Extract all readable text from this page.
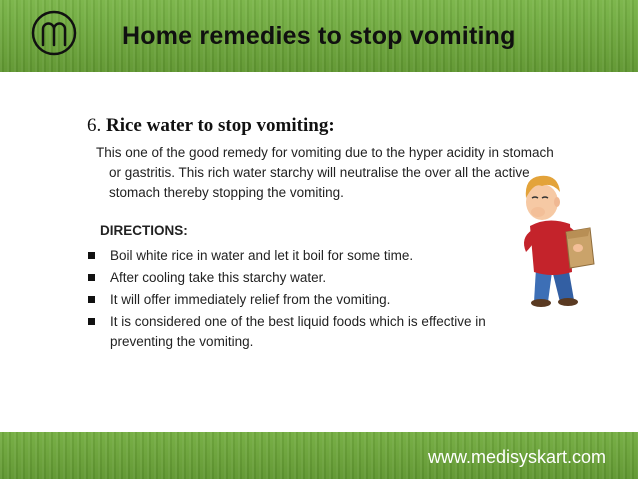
Home remedies to stop vomiting

6. Rice water to stop vomiting:

This one of the good remedy for vomiting due to the hyper acidity in stomach or gastritis. This rich water starchy will neutralise the over all the active stomach thereby stopping the vomiting.

DIRECTIONS:

Boil white rice in water and let it boil for some time.
After cooling take this starchy water.
It will offer immediately relief from the vomiting.
It is considered one of the best liquid foods which is effective in preventing the vomiting.
www.medisyskart.com
